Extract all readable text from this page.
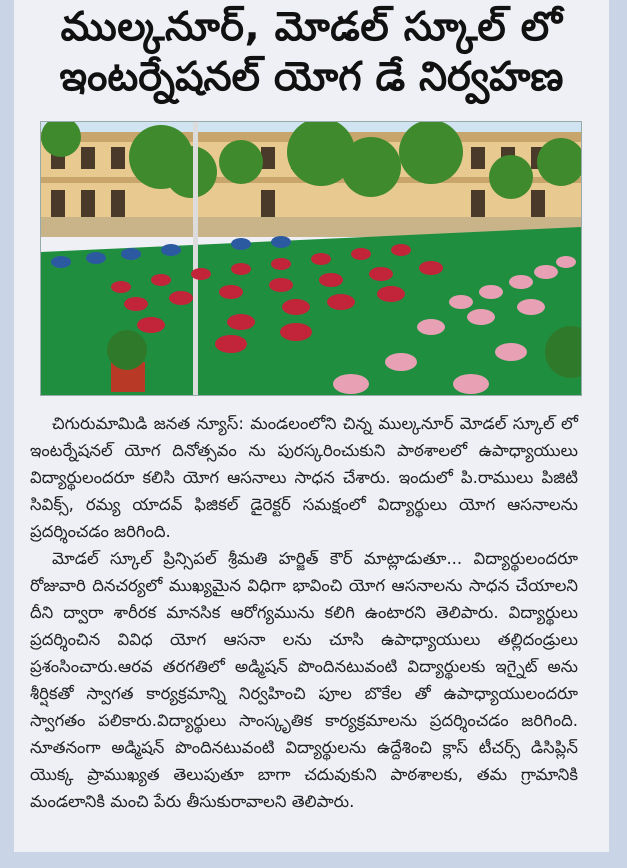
ముల్కనూర్, మోడల్ స్కూల్ లో
ఇంటర్నేషనల్ యోగ డే నిర్వహణ

చిగురుమామిడి జనత న్యూస్: మండలంలోని చిన్న ముల్కనూర్ మోడల్ స్కూల్ లో ఇంటర్నేషనల్ యోగ దినోత్సవం ను పురస్కరించుకుని పాఠశాలలో ఉపాధ్యాయులు విద్యార్థులందరూ కలిసి యోగ ఆసనాలు సాధన చేశారు. ఇందులో పి.రాములు పిజిటి సివిక్స్, రమ్య యాదవ్ ఫిజికల్ డైరెక్టర్ సమక్షంలో విద్యార్థులు యోగ ఆసనాలను ప్రదర్శించడం జరిగింది.

మోడల్ స్కూల్ ప్రిన్సిపల్ శ్రీమతి హర్జిత్ కౌర్ మాట్లాడుతూ... విద్యార్థులందరూ రోజువారి దినచర్యలో ముఖ్యమైన విధిగా భావించి యోగ ఆసనాలను సాధన చేయాలని దీని ద్వారా శారీరక మానసిక ఆరోగ్యమును కలిగి ఉంటారని తెలిపారు. విద్యార్థులు ప్రదర్శించిన వివిధ యోగ ఆసనా లను చూసి ఉపాధ్యాయులు తల్లిదండ్రులు ప్రశంసించారు.ఆరవ తరగతిలో అడ్మిషన్ పొందినటువంటి విద్యార్థులకు ఇగ్నైట్ అను శీర్షికతో స్వాగత కార్యక్రమాన్ని నిర్వహించి పూల బొకేల తో ఉపాధ్యాయులందరూ స్వాగతం పలికారు.విద్యార్థులు సాంస్కృతిక కార్యక్రమాలను ప్రదర్శించడం జరిగింది. నూతనంగా అడ్మిషన్ పొందినటువంటి విద్యార్థులను ఉద్దేశించి క్లాస్ టీచర్స్ డిసిప్లిన్ యొక్క ప్రాముఖ్యత తెలుపుతూ బాగా చదువుకుని పాఠశాలకు, తమ గ్రామానికి మండలానికి మంచి పేరు తీసుకురావాలని తెలిపారు.
